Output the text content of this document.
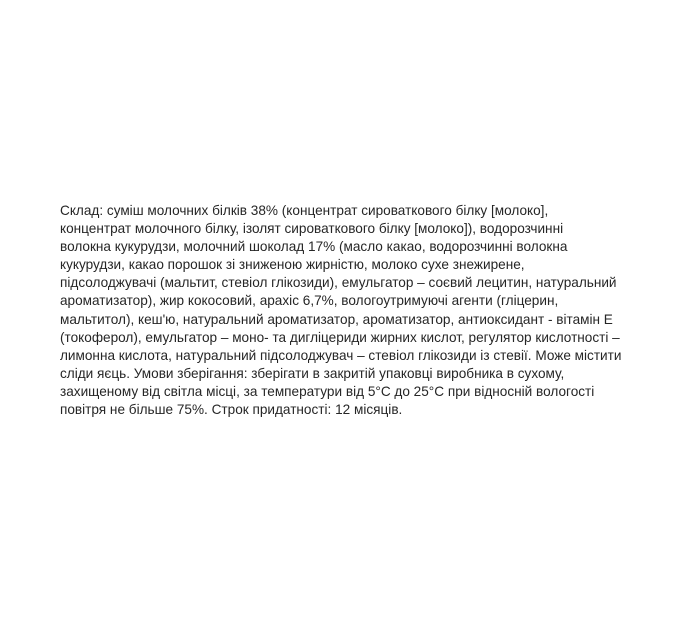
Склад: суміш молочних білків 38% (концентрат сироваткового білку [молоко],
концентрат молочного білку, ізолят сироваткового білку [молоко]), водорозчинні
волокна кукурудзи, молочний шоколад 17% (масло какао, водорозчинні волокна
кукурудзи, какао порошок зі зниженою жирністю, молоко сухе знежирене,
підсолоджувачі (мальтит, стевіол глікозиди), емульгатор – соєвий лецитин, натуральний
ароматизатор), жир кокосовий, арахіс 6,7%, вологоутримуючі агенти (гліцерин,
мальтитол), кеш'ю, натуральний ароматизатор, ароматизатор, антиоксидант - вітамін Е
(токоферол), емульгатор – моно- та дигліцериди жирних кислот, регулятор кислотності –
лимонна кислота, натуральний підсолоджувач – стевіол глікозиди із стевії. Може містити
сліди яєць. Умови зберігання: зберігати в закритій упаковці виробника в сухому,
захищеному від світла місці, за температури від 5°C до 25°C при відносній вологості
повітря не більше 75%. Строк придатності: 12 місяців.
